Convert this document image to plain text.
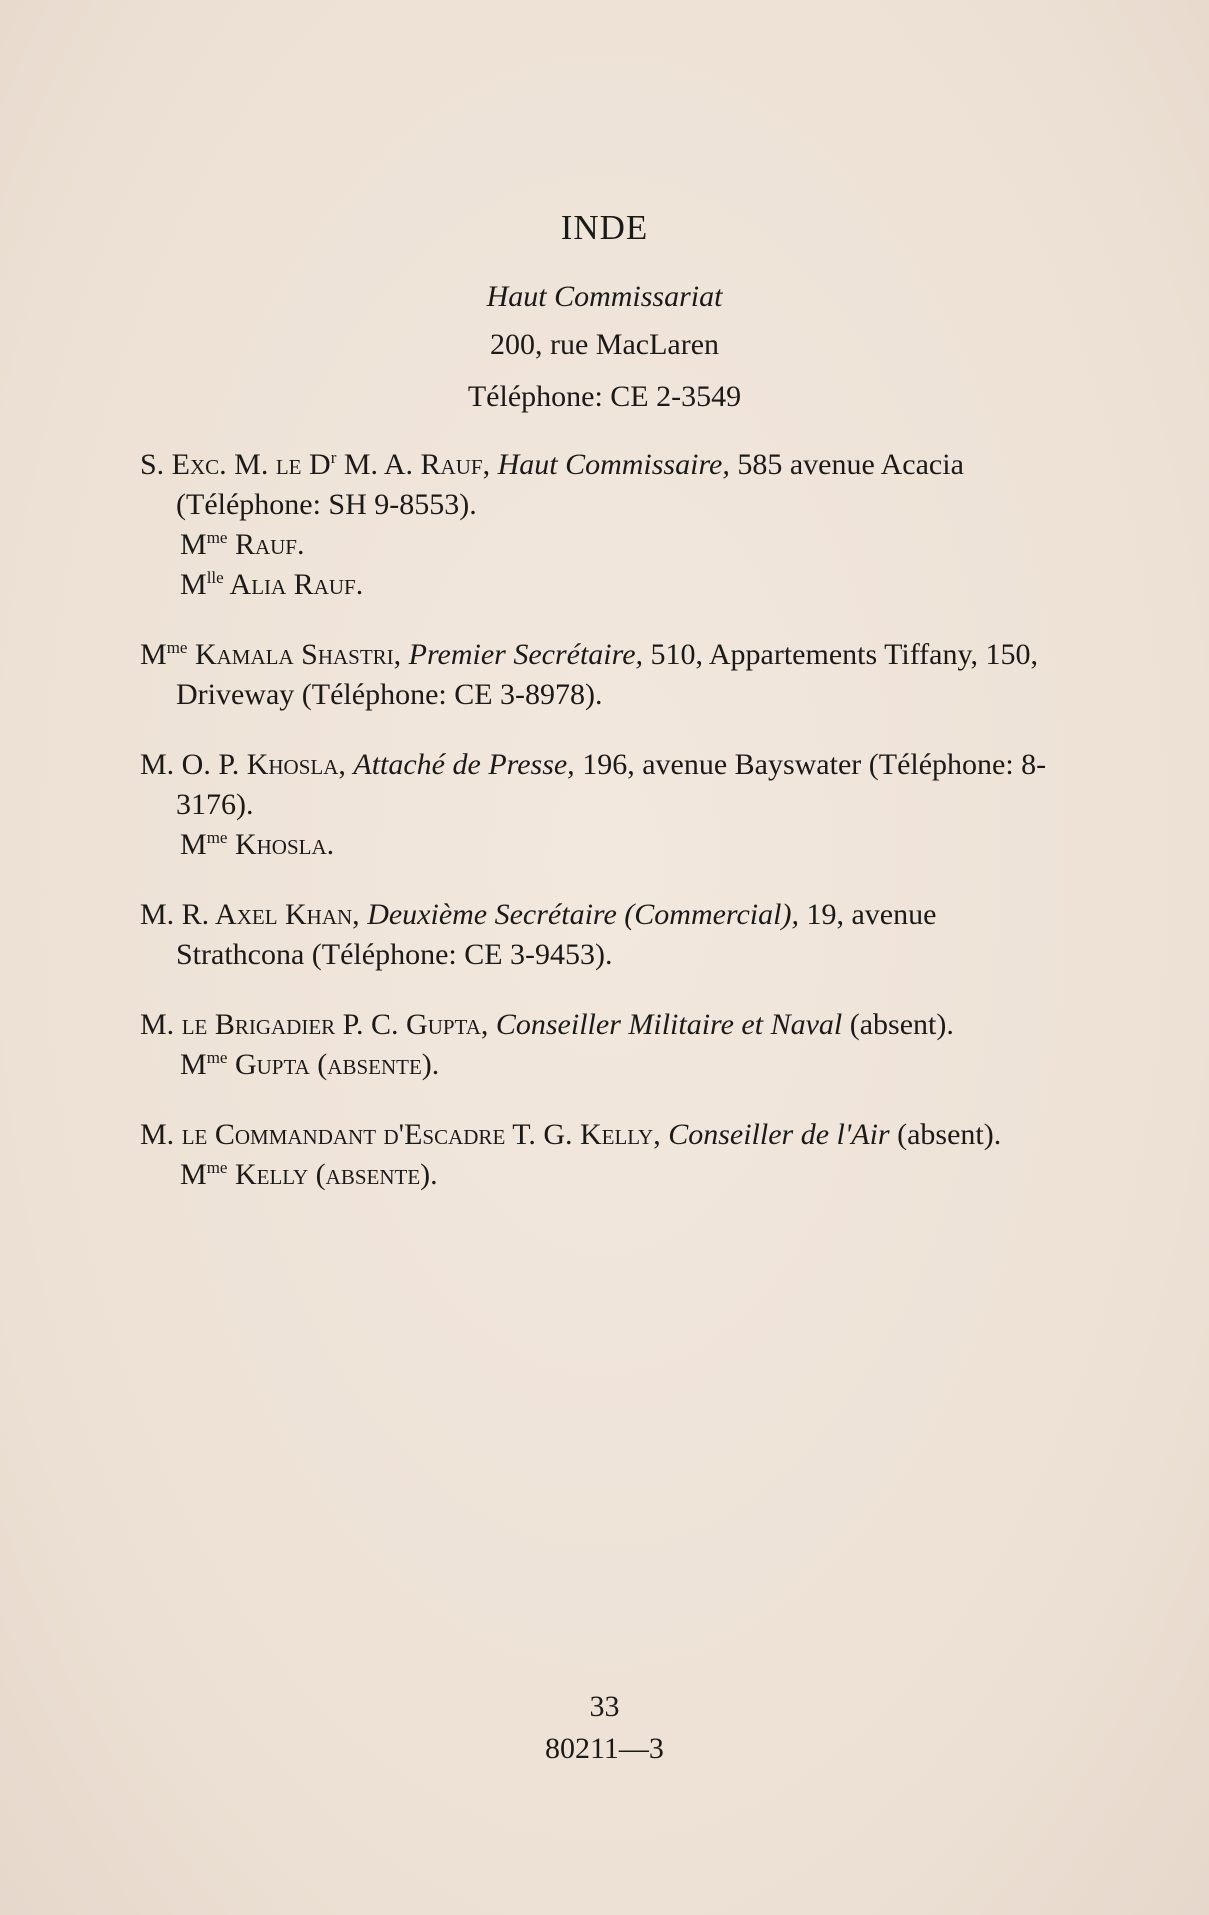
INDE
Haut Commissariat
200, rue MacLaren
Téléphone: CE 2-3549
S. Exc. M. le $D^r$ M. A. Rauf, Haut Commissaire, 585 avenue Acacia (Téléphone: SH 9-8553).
$M^{me}$ Rauf.
$M^{lle}$ Alia Rauf.
$M^{me}$ Kamala Shastri, Premier Secrétaire, 510, Appartements Tiffany, 150, Driveway (Téléphone: CE 3-8978).
M. O. P. Khosla, Attaché de Presse, 196, avenue Bayswater (Téléphone: 8-3176).
$M^{me}$ Khosla.
M. R. Axel Khan, Deuxième Secrétaire (Commercial), 19, avenue Strathcona (Téléphone: CE 3-9453).
M. le Brigadier P. C. Gupta, Conseiller Militaire et Naval (absent).
$M^{me}$ Gupta (absente).
M. le Commandant d'Escadre T. G. Kelly, Conseiller de l'Air (absent).
$M^{me}$ Kelly (absente).
33
80211—3
